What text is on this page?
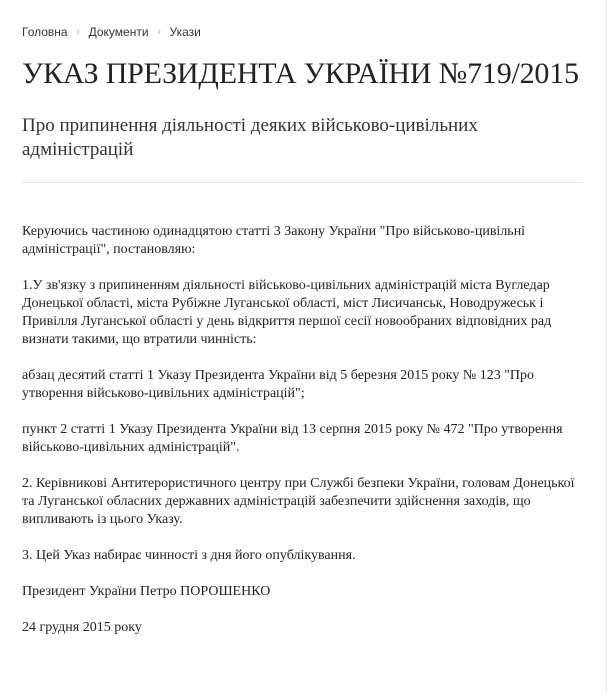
Головна › Документи › Укази
УКАЗ ПРЕЗИДЕНТА УКРАЇНИ №719/2015
Про припинення діяльності деяких військово-цивільних адміністрацій

Керуючись частиною одинадцятою статті 3 Закону України "Про військово-цивільні адміністрації", постановляю:

1.У зв'язку з припиненням діяльності військово-цивільних адміністрацій міста Вугледар Донецької області, міста Рубіжне Луганської області, міст Лисичанськ, Новодружеськ і Привілля Луганської області у день відкриття першої сесії новообраних відповідних рад визнати такими, що втратили чинність:

абзац десятий статті 1 Указу Президента України від 5 березня 2015 року № 123 "Про утворення військово-цивільних адміністрацій";

пункт 2 статті 1 Указу Президента України від 13 серпня 2015 року № 472 "Про утворення військово-цивільних адміністрацій".

2. Керівникові Антитерористичного центру при Службі безпеки України, головам Донецької та Луганської обласних державних адміністрацій забезпечити здійснення заходів, що випливають із цього Указу.

3. Цей Указ набирає чинності з дня його опублікування.

Президент України Петро ПОРОШЕНКО

24 грудня 2015 року
